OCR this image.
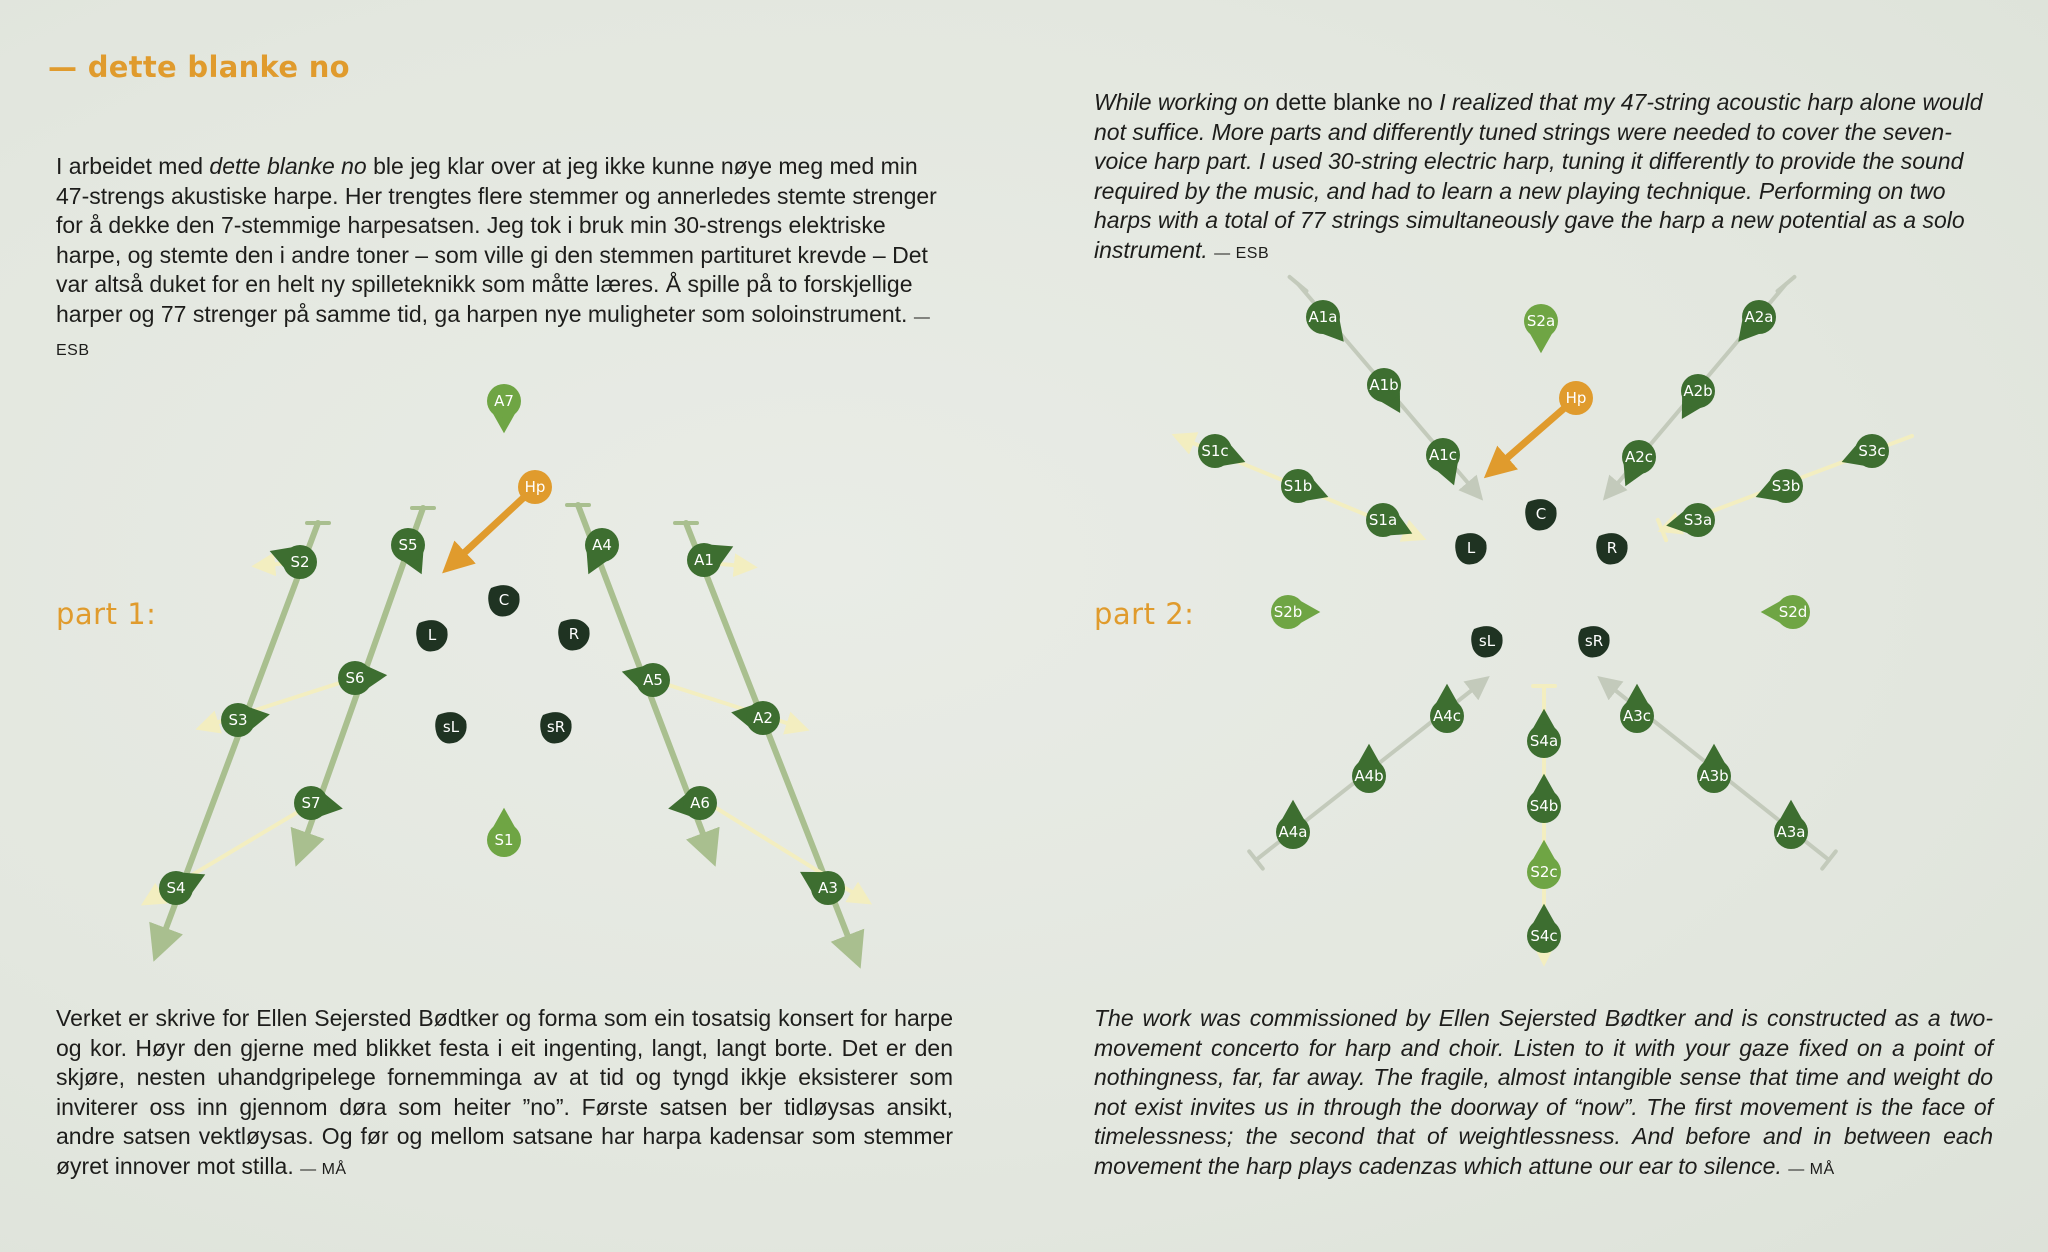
— dette blanke no

I arbeidet med dette blanke no ble jeg klar over at jeg ikke kunne nøye meg med min 47-strengs akustiske harpe. Her trengtes flere stemmer og annerledes stemte strenger for å dekke den 7-stemmige harpesatsen. Jeg tok i bruk min 30-strengs elektriske harpe, og stemte den i andre toner – som ville gi den stemmen partituret krevde – Det var altså duket for en helt ny spilleteknikk som måtte læres. Å spille på to forskjellige harper og 77 strenger på samme tid, ga harpen nye muligheter som soloinstrument. — ESB

While working on dette blanke no I realized that my 47-string acoustic harp alone would not suffice. More parts and differently tuned strings were needed to cover the seven-voice harp part. I used 30-string electric harp, tuning it differently to provide the sound required by the music, and had to learn a new playing technique. Performing on two harps with a total of 77 strings simultaneously gave the harp a new potential as a solo instrument. — ESB

part 1:	part 2:
Hp
A7
S1
S2
S5	A4
A1
S6
S3
S7
S4
A5
A2
A6
A3
C
L	R
sL	sR
Hp
A1a
A1b
A1c
S2a	A2a
A2b
A2c
S1c
S1b
S1a
S3c
S3b
S3a
S2b	S2d
A4c
A4b
A4a
S4a
S4b
S2c
S4c
A3c
A3b
A3a
C
L	R
sL	sR

Verket er skrive for Ellen Sejersted Bødtker og forma som ein tosatsig konsert for harpe og kor. Høyr den gjerne med blikket festa i eit ingenting, langt, langt borte. Det er den skjøre, nesten uhandgripelege fornemminga av at tid og tyngd ikkje eksisterer som inviterer oss inn gjennom døra som heiter ”no”. Første satsen ber tidløysas ansikt, andre satsen vektløysas. Og før og mellom satsane har harpa kadensar som stemmer øyret innover mot stilla. — MÅ

The work was commissioned by Ellen Sejersted Bødtker and is constructed as a two-movement concerto for harp and choir. Listen to it with your gaze fixed on a point of nothingness, far, far away. The fragile, almost intangible sense that time and weight do not exist invites us in through the doorway of “now”. The first movement is the face of timelessness; the second that of weightlessness. And before and in between each movement the harp plays cadenzas which attune our ear to silence. — MÅ
